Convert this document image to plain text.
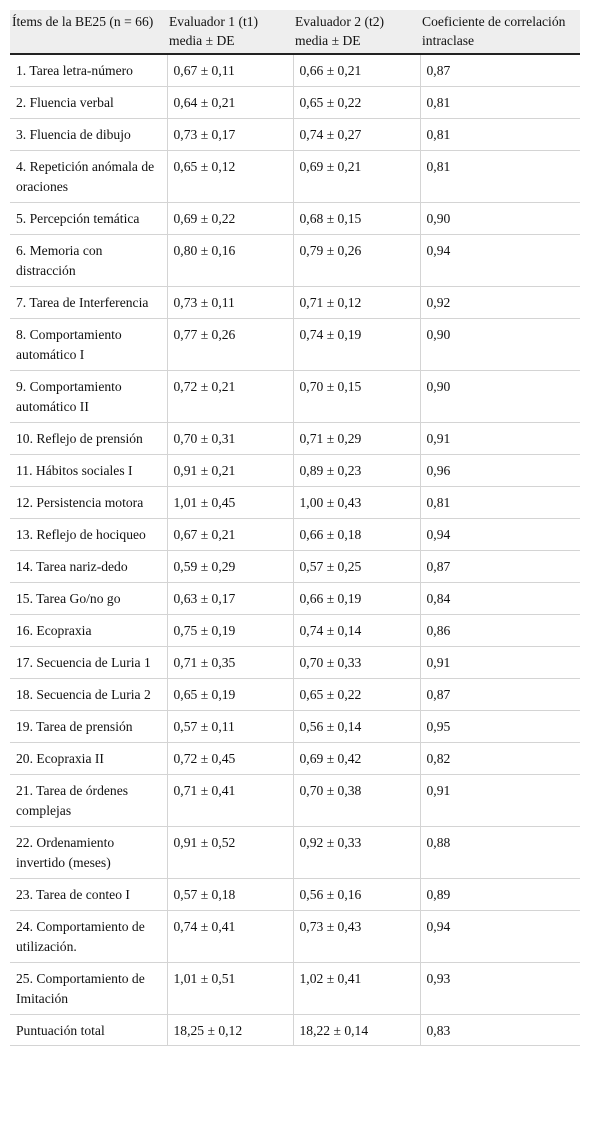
Ítems de la BE25 (n = 66)	Evaluador 1 (t1) media ± DE	Evaluador 2 (t2) media ± DE	Coeficiente de correlación intraclase
1. Tarea letra-número	0,67 ± 0,11	0,66 ± 0,21	0,87
2. Fluencia verbal	0,64 ± 0,21	0,65 ± 0,22	0,81
3. Fluencia de dibujo	0,73 ± 0,17	0,74 ± 0,27	0,81
4. Repetición anómala de oraciones	0,65 ± 0,12	0,69 ± 0,21	0,81
5. Percepción temática	0,69 ± 0,22	0,68 ± 0,15	0,90
6. Memoria con distracción	0,80 ± 0,16	0,79 ± 0,26	0,94
7. Tarea de Interferencia	0,73 ± 0,11	0,71 ± 0,12	0,92
8. Comportamiento automático I	0,77 ± 0,26	0,74 ± 0,19	0,90
9. Comportamiento automático II	0,72 ± 0,21	0,70 ± 0,15	0,90
10. Reflejo de prensión	0,70 ± 0,31	0,71 ± 0,29	0,91
11. Hábitos sociales I	0,91 ± 0,21	0,89 ± 0,23	0,96
12. Persistencia motora	1,01 ± 0,45	1,00 ± 0,43	0,81
13. Reflejo de hociqueo	0,67 ± 0,21	0,66 ± 0,18	0,94
14. Tarea nariz-dedo	0,59 ± 0,29	0,57 ± 0,25	0,87
15. Tarea Go/no go	0,63 ± 0,17	0,66 ± 0,19	0,84
16. Ecopraxia	0,75 ± 0,19	0,74 ± 0,14	0,86
17. Secuencia de Luria 1	0,71 ± 0,35	0,70 ± 0,33	0,91
18. Secuencia de Luria 2	0,65 ± 0,19	0,65 ± 0,22	0,87
19. Tarea de prensión	0,57 ± 0,11	0,56 ± 0,14	0,95
20. Ecopraxia II	0,72 ± 0,45	0,69 ± 0,42	0,82
21. Tarea de órdenes complejas	0,71 ± 0,41	0,70 ± 0,38	0,91
22. Ordenamiento invertido (meses)	0,91 ± 0,52	0,92 ± 0,33	0,88
23. Tarea de conteo I	0,57 ± 0,18	0,56 ± 0,16	0,89
24. Comportamiento de utilización.	0,74 ± 0,41	0,73 ± 0,43	0,94
25. Comportamiento de Imitación	1,01 ± 0,51	1,02 ± 0,41	0,93
Puntuación total	18,25 ± 0,12	18,22 ± 0,14	0,83
